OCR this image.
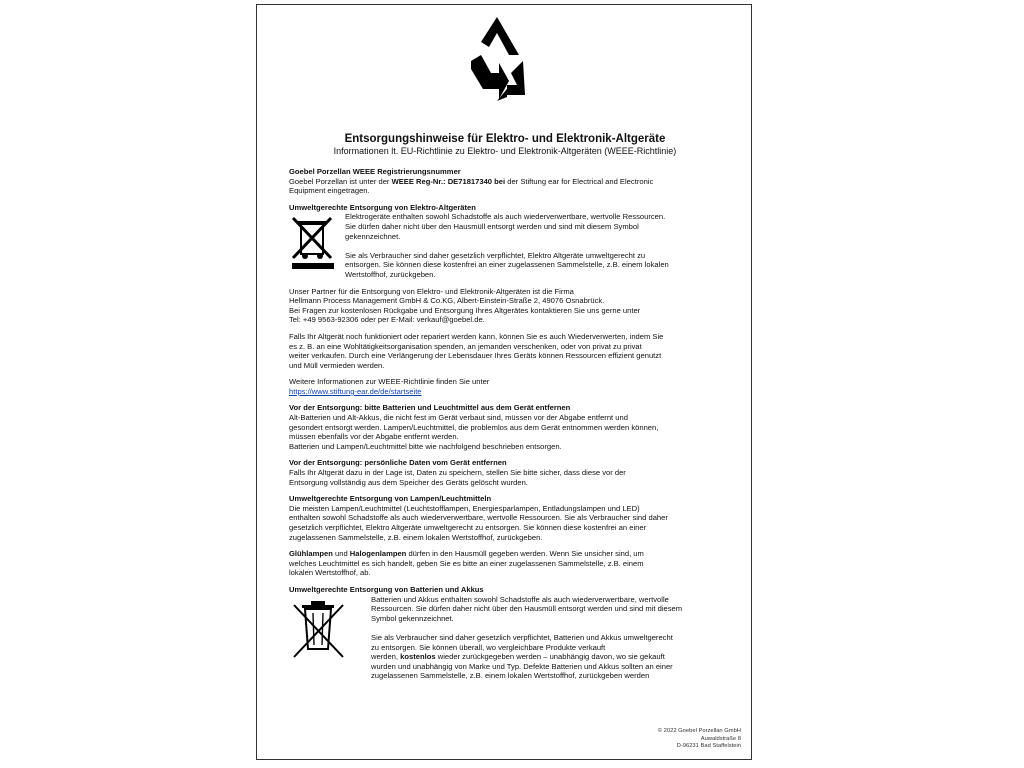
Entsorgungshinweise für Elektro- und Elektronik-Altgeräte

Informationen lt. EU-Richtlinie zu Elektro- und Elektronik-Altgeräten (WEEE-Richtlinie)

Goebel Porzellan WEEE Registrierungsnummer
Goebel Porzellan ist unter der WEEE Reg-Nr.: DE71817340 bei der Stiftung ear for Electrical and Electronic
Equipment eingetragen.
Umweltgerechte Entsorgung von Elektro-Altgeräten
Elektrogeräte enthalten sowohl Schadstoffe als auch wiederverwertbare, wertvolle Ressourcen.
Sie dürfen daher nicht über den Hausmüll entsorgt werden und sind mit diesem Symbol
gekennzeichnet.
Sie als Verbraucher sind daher gesetzlich verpflichtet, Elektro Altgeräte umweltgerecht zu
entsorgen. Sie können diese kostenfrei an einer zugelassenen Sammelstelle, z.B. einem lokalen
Wertstoffhof, zurückgeben.
Unser Partner für die Entsorgung von Elektro- und Elektronik-Altgeräten ist die Firma
Hellmann Process Management GmbH & Co.KG, Albert-Einstein-Straße 2, 49076 Osnabrück.
Bei Fragen zur kostenlosen Rückgabe und Entsorgung Ihres Altgerätes kontaktieren Sie uns gerne unter
Tel: +49 9563-92306 oder per E-Mail: verkauf@goebel.de.
Falls Ihr Altgerät noch funktioniert oder repariert werden kann, können Sie es auch Wiederverwerten, indem Sie
es z. B. an eine Wohltätigkeitsorganisation spenden, an jemanden verschenken, oder von privat zu privat
weiter verkaufen. Durch eine Verlängerung der Lebensdauer Ihres Geräts können Ressourcen effizient genutzt
und Müll vermieden werden.
Weitere Informationen zur WEEE-Richtlinie finden Sie unter
https://www.stiftung-ear.de/de/startseite
Vor der Entsorgung: bitte Batterien und Leuchtmittel aus dem Gerät entfernen
Alt-Batterien und Alt-Akkus, die nicht fest im Gerät verbaut sind, müssen vor der Abgabe entfernt und
gesondert entsorgt werden. Lampen/Leuchtmittel, die problemlos aus dem Gerät entnommen werden können,
müssen ebenfalls vor der Abgabe entfernt werden.
Batterien und Lampen/Leuchtmittel bitte wie nachfolgend beschrieben entsorgen.
Vor der Entsorgung: persönliche Daten vom Gerät entfernen
Falls Ihr Altgerät dazu in der Lage ist, Daten zu speichern, stellen Sie bitte sicher, dass diese vor der
Entsorgung vollständig aus dem Speicher des Geräts gelöscht wurden.
Umweltgerechte Entsorgung von Lampen/Leuchtmitteln
Die meisten Lampen/Leuchtmittel (Leuchtstofflampen, Energiesparlampen, Entladungslampen und LED)
enthalten sowohl Schadstoffe als auch wiederverwertbare, wertvolle Ressourcen. Sie als Verbraucher sind daher
gesetzlich verpflichtet, Elektro Altgeräte umweltgerecht zu entsorgen. Sie können diese kostenfrei an einer
zugelassenen Sammelstelle, z.B. einem lokalen Wertstoffhof, zurückgeben.
Glühlampen und Halogenlampen dürfen in den Hausmüll gegeben werden. Wenn Sie unsicher sind, um
welches Leuchtmittel es sich handelt, geben Sie es bitte an einer zugelassenen Sammelstelle, z.B. einem
lokalen Wertstoffhof, ab.
Umweltgerechte Entsorgung von Batterien und Akkus
Batterien und Akkus enthalten sowohl Schadstoffe als auch wiederverwertbare, wertvolle
Ressourcen. Sie dürfen daher nicht über den Hausmüll entsorgt werden und sind mit diesem
Symbol gekennzeichnet.
Sie als Verbraucher sind daher gesetzlich verpflichtet, Batterien und Akkus umweltgerecht
zu entsorgen. Sie können überall, wo vergleichbare Produkte verkauft
werden, kostenlos wieder zurückgegeben werden – unabhängig davon, wo sie gekauft
wurden und unabhängig von Marke und Typ. Defekte Batterien und Akkus sollten an einer
zugelassenen Sammelstelle, z.B. einem lokalen Wertstoffhof, zurückgeben werden
© 2022 Goebel Porzellan GmbH
Auwaldstraße 8
D-96231 Bad Staffelstein
